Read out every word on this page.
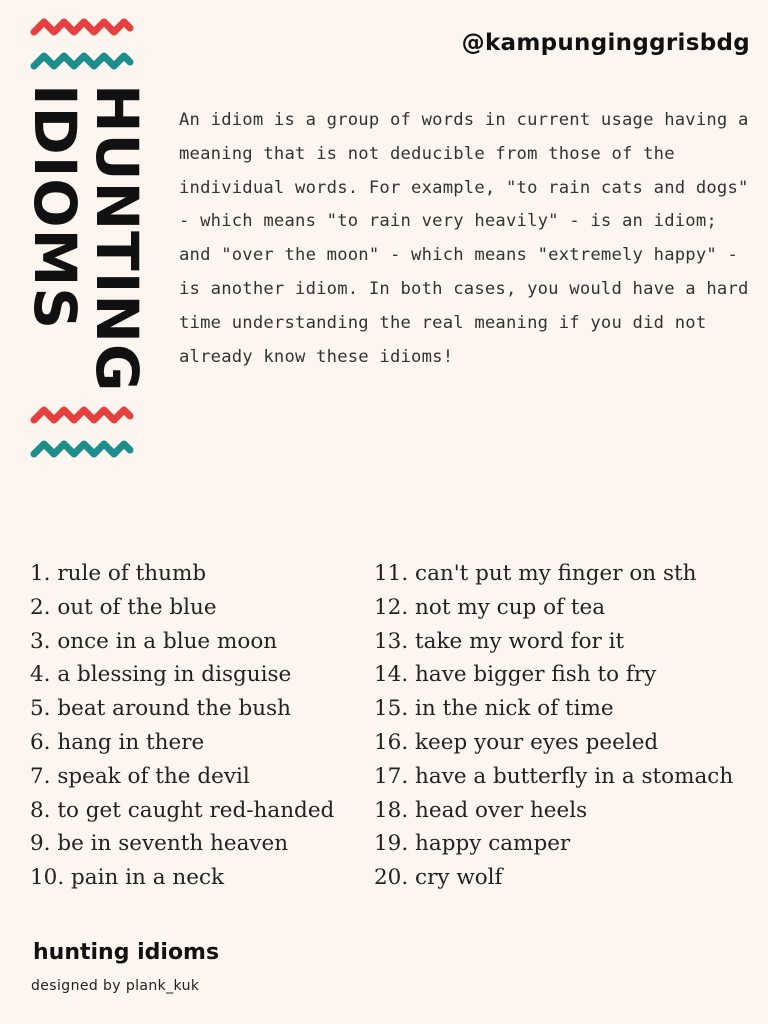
HUNTING
IDIOMS
@kampunginggrisbdg

An idiom is a group of words in current usage having a meaning that is not deducible from those of the individual words. For example, "to rain cats and dogs" - which means "to rain very heavily" - is an idiom; and "over the moon" - which means "extremely happy" - is another idiom. In both cases, you would have a hard time understanding the real meaning if you did not already know these idioms!

1. rule of thumb
2. out of the blue
3. once in a blue moon
4. a blessing in disguise
5. beat around the bush
6. hang in there
7. speak of the devil
8. to get caught red-handed
9. be in seventh heaven
10. pain in a neck
11. can't put my finger on sth
12. not my cup of tea
13. take my word for it
14. have bigger fish to fry
15. in the nick of time
16. keep your eyes peeled
17. have a butterfly in a stomach
18. head over heels
19. happy camper
20. cry wolf
hunting idioms
designed by plank_kuk
